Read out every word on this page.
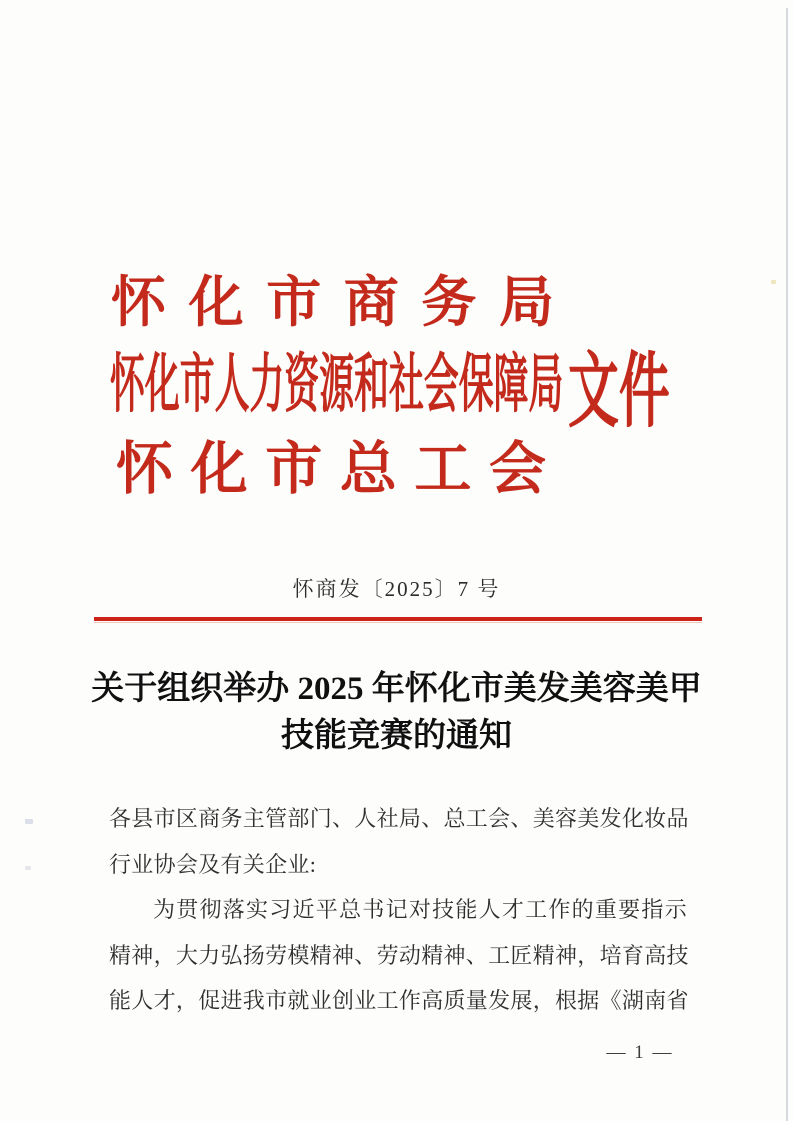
怀化市商务局
怀化市人力资源和社会保障局 文件
怀化市总工会
怀商发〔2025〕7 号
关于组织举办 2025 年怀化市美发美容美甲
技能竞赛的通知
各县市区商务主管部门、人社局、总工会、美容美发化妆品
行业协会及有关企业:
为贯彻落实习近平总书记对技能人才工作的重要指示
精神，大力弘扬劳模精神、劳动精神、工匠精神，培育高技
能人才，促进我市就业创业工作高质量发展，根据《湖南省
— 1 —
